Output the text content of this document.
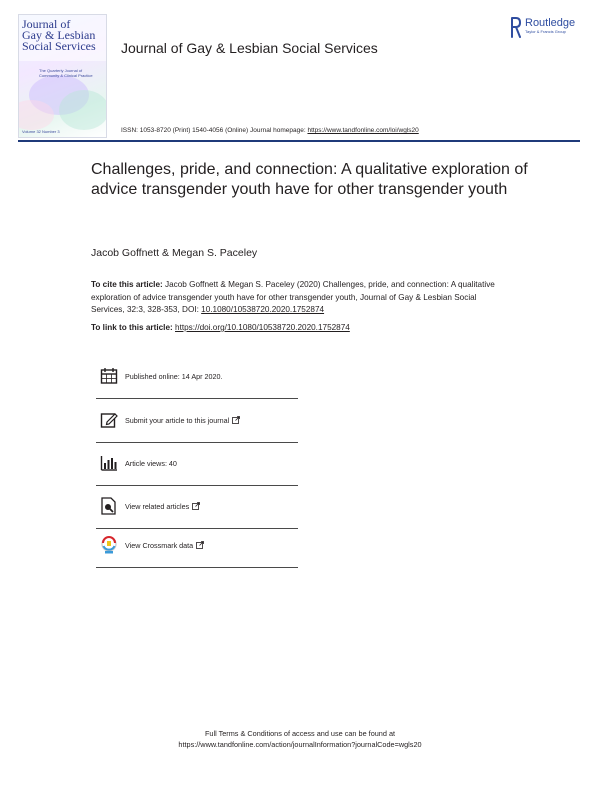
Journal of
Gay & Lesbian
Social Services
The Quarterly Journal of Community & Clinical Practice
Volume 32 Number 3
Routledge
Taylor & Francis Group
Journal of Gay & Lesbian Social Services
ISSN: 1053-8720 (Print) 1540-4056 (Online) Journal homepage: https://www.tandfonline.com/loi/wgls20
Challenges, pride, and connection: A qualitative exploration of advice transgender youth have for other transgender youth
Jacob Goffnett & Megan S. Paceley
To cite this article: Jacob Goffnett & Megan S. Paceley (2020) Challenges, pride, and connection: A qualitative exploration of advice transgender youth have for other transgender youth, Journal of Gay & Lesbian Social Services, 32:3, 328-353, DOI: 10.1080/10538720.2020.1752874
To link to this article: https://doi.org/10.1080/10538720.2020.1752874
Published online: 14 Apr 2020.
Submit your article to this journal
Article views: 40
View related articles
View Crossmark data
Full Terms & Conditions of access and use can be found at
https://www.tandfonline.com/action/journalInformation?journalCode=wgls20
